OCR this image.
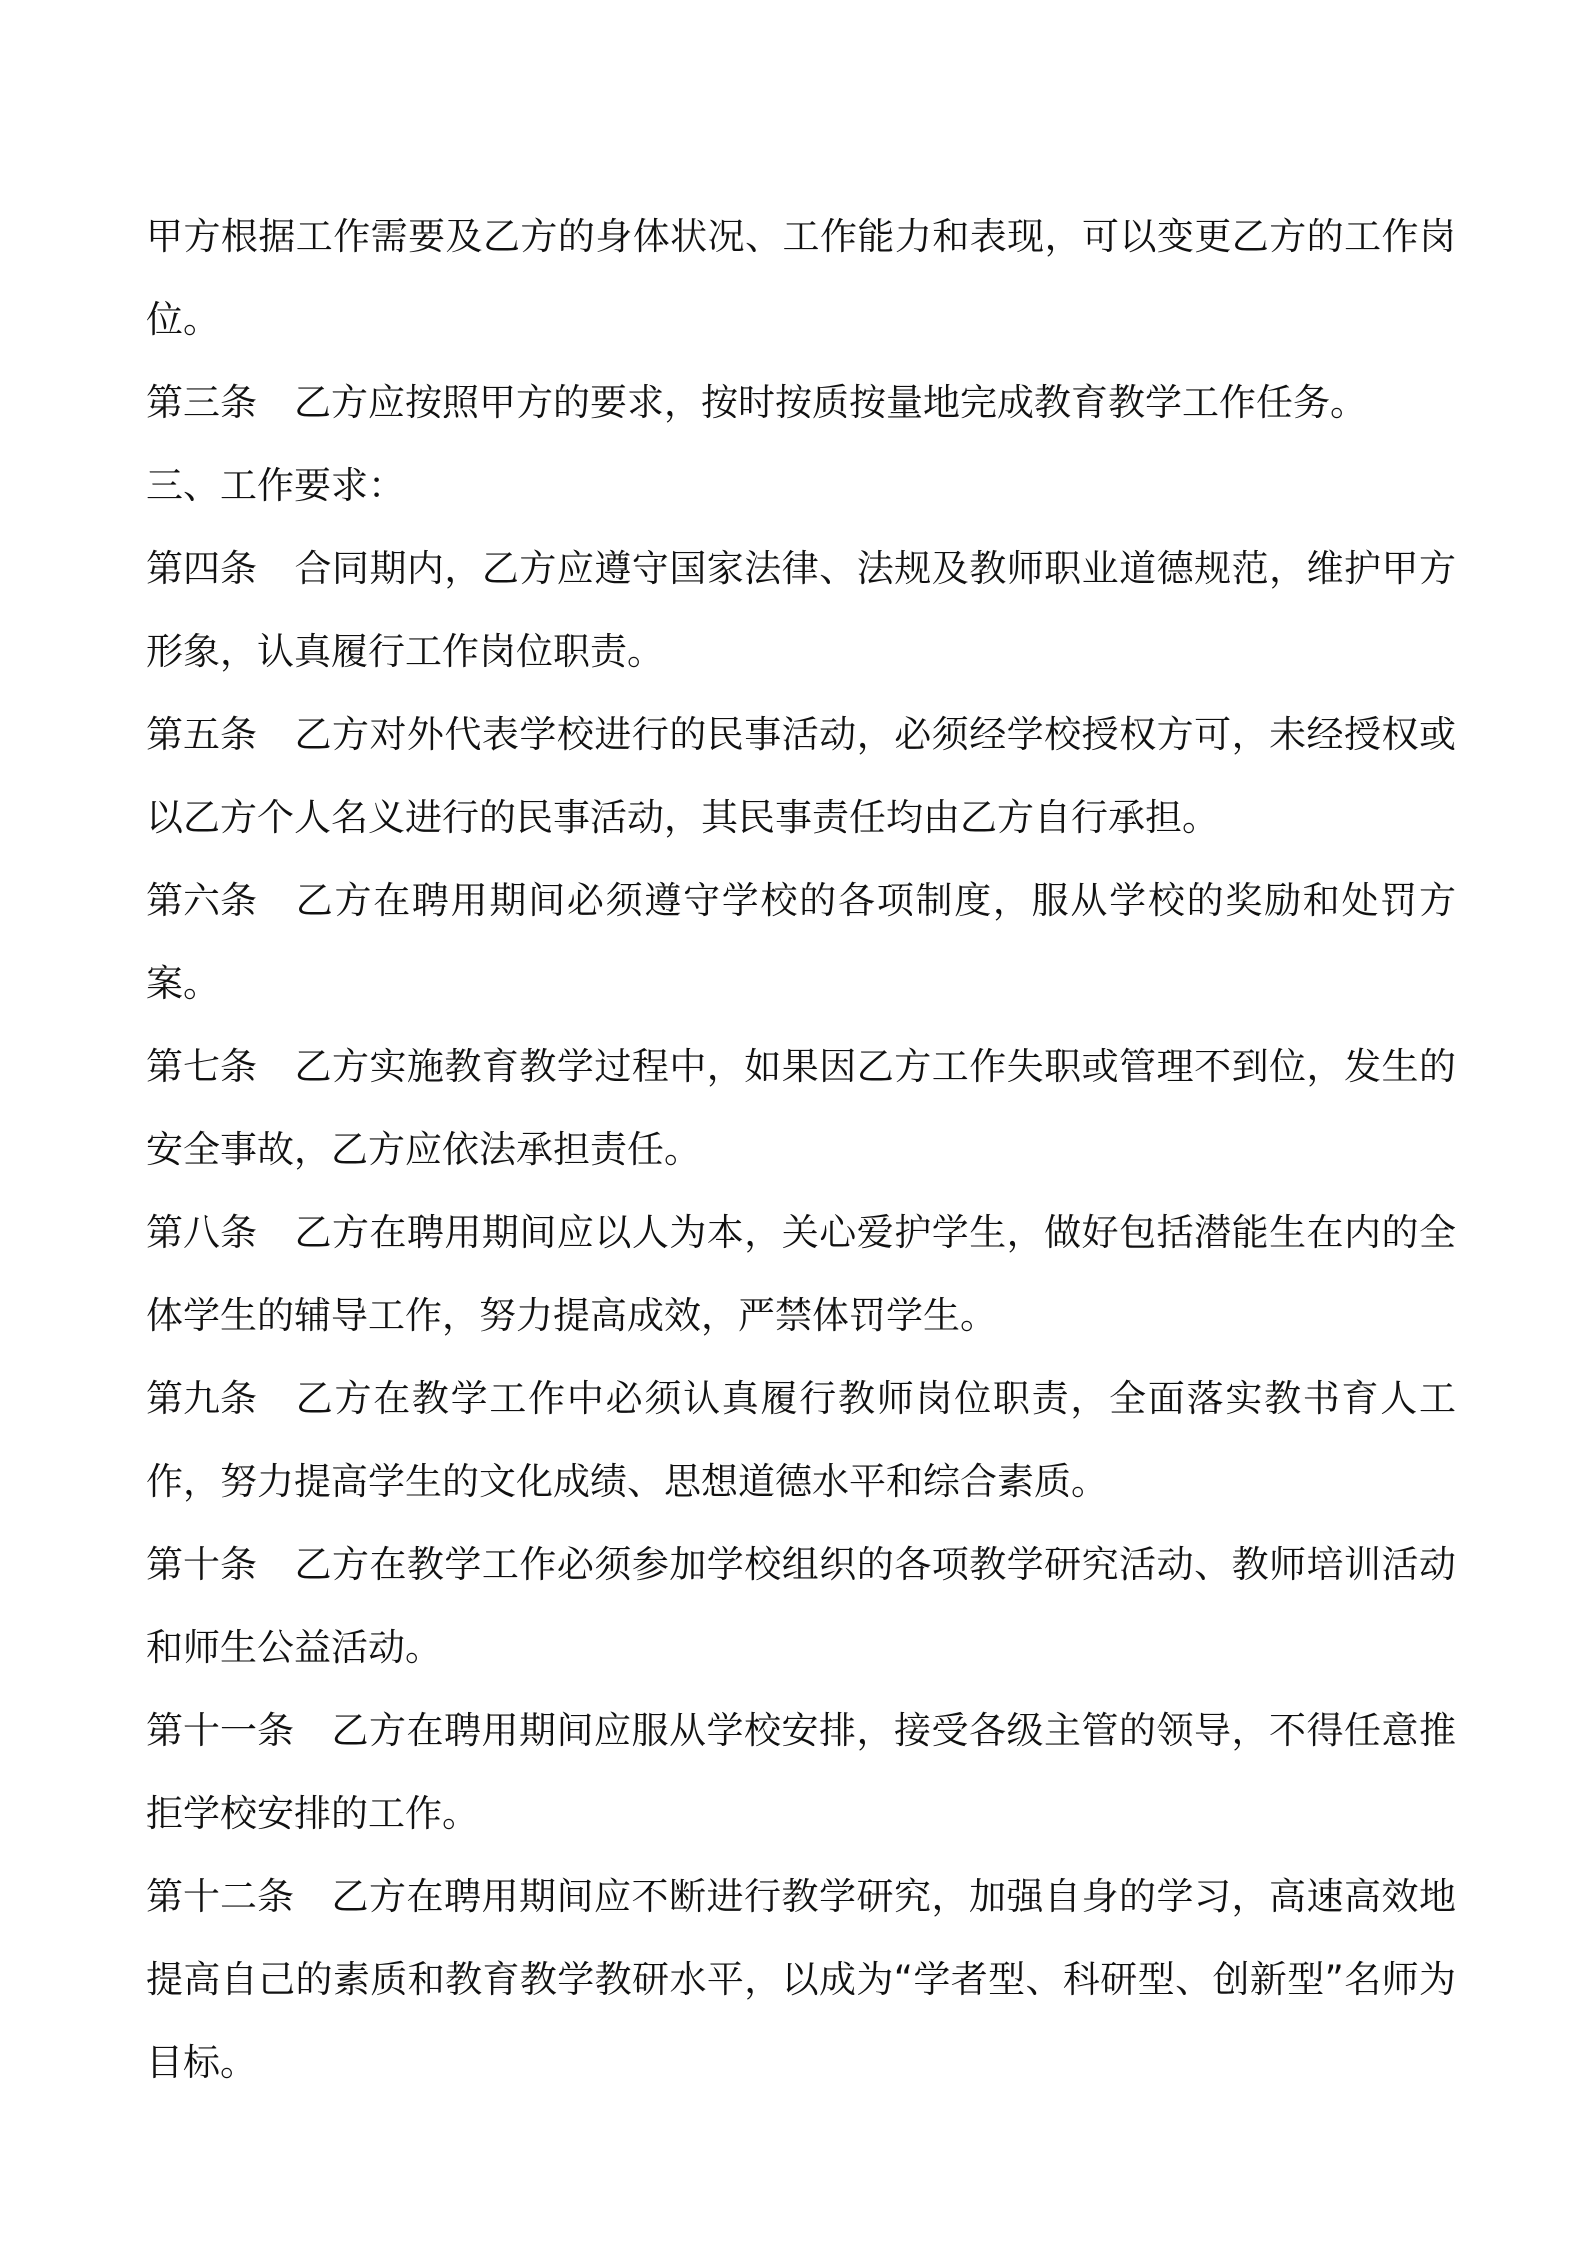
甲方根据工作需要及乙方的身体状况、工作能力和表现，可以变更乙方的工作岗位。

第三条 乙方应按照甲方的要求，按时按质按量地完成教育教学工作任务。

三、工作要求：

第四条 合同期内，乙方应遵守国家法律、法规及教师职业道德规范，维护甲方形象，认真履行工作岗位职责。

第五条 乙方对外代表学校进行的民事活动，必须经学校授权方可，未经授权或以乙方个人名义进行的民事活动，其民事责任均由乙方自行承担。

第六条 乙方在聘用期间必须遵守学校的各项制度，服从学校的奖励和处罚方案。

第七条 乙方实施教育教学过程中，如果因乙方工作失职或管理不到位，发生的安全事故，乙方应依法承担责任。

第八条 乙方在聘用期间应以人为本，关心爱护学生，做好包括潜能生在内的全体学生的辅导工作，努力提高成效，严禁体罚学生。

第九条 乙方在教学工作中必须认真履行教师岗位职责，全面落实教书育人工作，努力提高学生的文化成绩、思想道德水平和综合素质。

第十条 乙方在教学工作必须参加学校组织的各项教学研究活动、教师培训活动和师生公益活动。

第十一条 乙方在聘用期间应服从学校安排，接受各级主管的领导，不得任意推拒学校安排的工作。

第十二条 乙方在聘用期间应不断进行教学研究，加强自身的学习，高速高效地提高自己的素质和教育教学教研水平，以成为“学者型、科研型、创新型”名师为目标。
